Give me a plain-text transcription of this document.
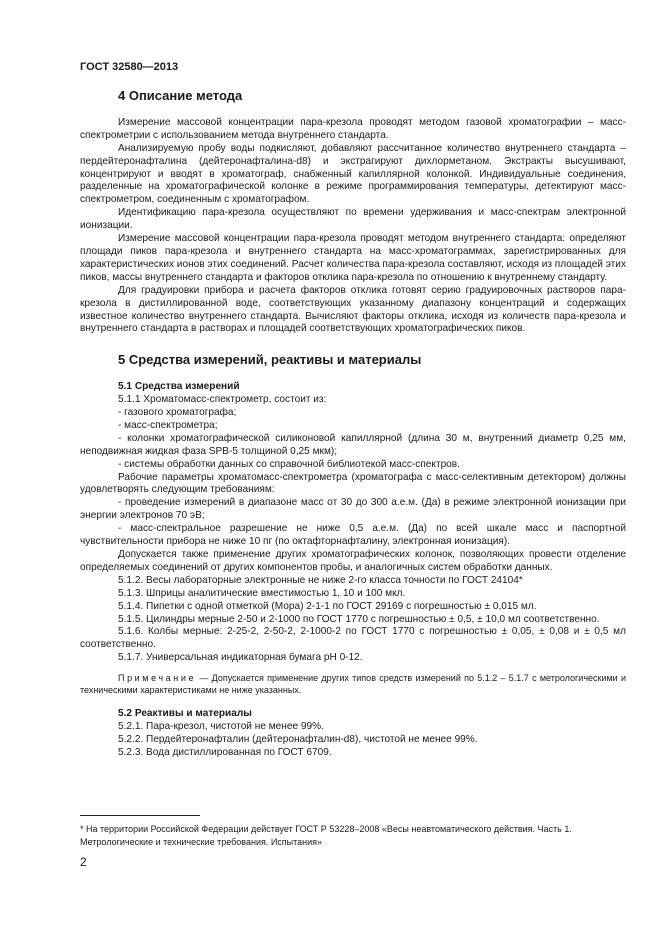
ГОСТ 32580—2013
4 Описание метода

Измерение массовой концентрации пара-крезола проводят методом газовой хроматографии – масс-спектрометрии с использованием метода внутреннего стандарта.

Анализируемую пробу воды подкисляют, добавляют рассчитанное количество внутреннего стандарта – пердейтеронафталина (дейтеронафталина-d8) и экстрагируют дихлорметаном. Экстракты высушивают, концентрируют и вводят в хроматограф, снабженный капиллярной колонкой. Индивидуальные соединения, разделенные на хроматографической колонке в режиме программирования температуры, детектируют масс-спектрометром, соединенным с хроматографом.

Идентификацию пара-крезола осуществляют по времени удерживания и масс-спектрам электронной ионизации.

Измерение массовой концентрации пара-крезола проводят методом внутреннего стандарта: определяют площади пиков пара-крезола и внутреннего стандарта на масс-хроматограммах, зарегистрированных для характеристических ионов этих соединений. Расчет количества пара-крезола составляют, исходя из площадей этих пиков, массы внутреннего стандарта и факторов отклика пара-крезола по отношению к внутреннему стандарту.

Для градуировки прибора и расчета факторов отклика готовят серию градуировочных растворов пара-крезола в дистиллированной воде, соответствующих указанному диапазону концентраций и содержащих известное количество внутреннего стандарта. Вычисляют факторы отклика, исходя из количеств пара-крезола и внутреннего стандарта в растворах и площадей соответствующих хроматографических пиков.

5 Средства измерений, реактивы и материалы
5.1 Средства измерений

5.1.1 Хроматомасс-спектрометр, состоит из:

- газового хроматографа;

- масс-спектрометра;

- колонки хроматографической силиконовой капиллярной (длина 30 м, внутренний диаметр 0,25 мм, неподвижная жидкая фаза SPB-5 толщиной 0,25 мкм);

- системы обработки данных со справочной библиотекой масс-спектров.

Рабочие параметры хроматомасс-спектрометра (хроматографа с масс-селективным детектором) должны удовлетворять следующим требованиям:

- проведение измерений в диапазоне масс от 30 до 300 а.е.м. (Да) в режиме электронной ионизации при энергии электронов 70 эВ;

- масс-спектральное разрешение не ниже 0,5 а.е.м. (Да) по всей шкале масс и паспортной чувствительности прибора не ниже 10 пг (по октафторнафталину, электронная ионизация).

Допускается также применение других хроматографических колонок, позволяющих провести отделение определяемых соединений от других компонентов пробы, и аналогичных систем обработки данных.

5.1.2. Весы лабораторные электронные не ниже 2-го класса точности по ГОСТ 24104*

5.1.3. Шприцы аналитические вместимостью 1, 10 и 100 мкл.

5.1.4. Пипетки с одной отметкой (Мора) 2-1-1 по ГОСТ 29169 с погрешностью ± 0,015 мл.

5.1.5. Цилиндры мерные 2-50 и 2-1000 по ГОСТ 1770 с погрешностью ± 0,5, ± 10,0 мл соответственно.

5.1.6. Колбы мерные: 2-25-2, 2-50-2, 2-1000-2 по ГОСТ 1770 с погрешностью ± 0,05, ± 0,08 и ± 0,5 мл соответственно.

5.1.7. Универсальная индикаторная бумага рН 0-12.

Примечание — Допускается применение других типов средств измерений по 5.1.2 – 5.1.7 с метрологическими и техническими характеристиками не ниже указанных.
5.2 Реактивы и материалы

5.2.1. Пара-крезол, чистотой не менее 99%.

5.2.2. Пердейтеронафталин (дейтеронафталин-d8), чистотой не менее 99%.

5.2.3. Вода дистиллированная по ГОСТ 6709.

* На территории Российской Федерации действует ГОСТ Р 53228–2008 «Весы неавтоматического действия. Часть 1. Метрологические и технические требования. Испытания»
2
